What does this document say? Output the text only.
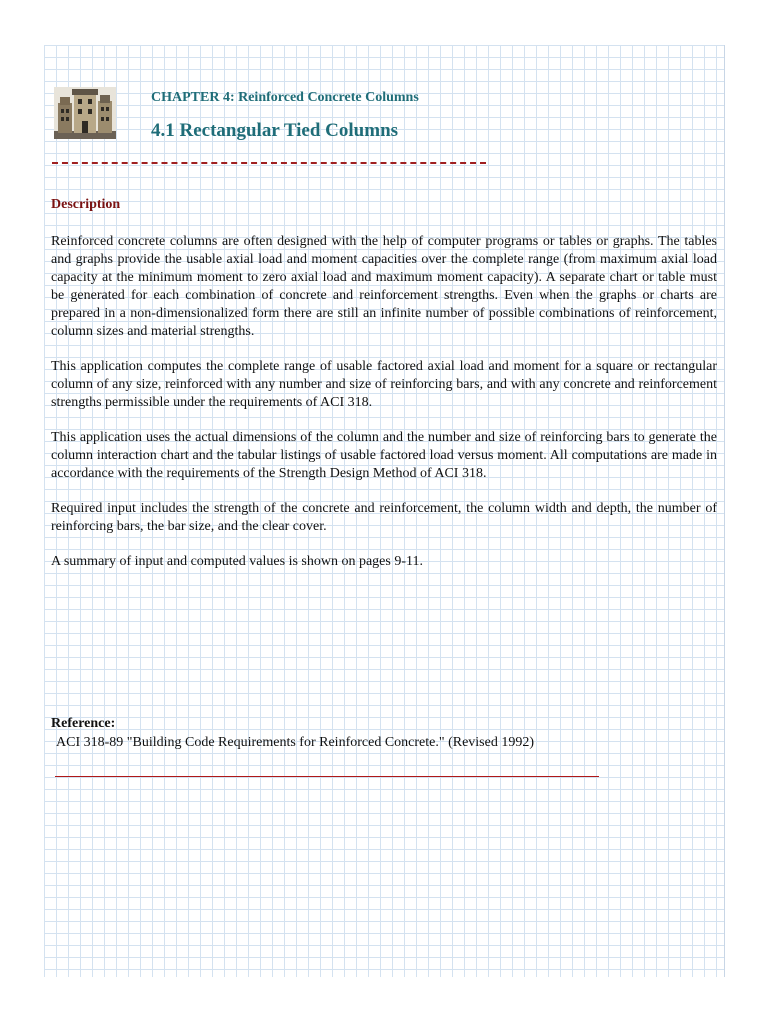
CHAPTER 4: Reinforced Concrete Columns
4.1 Rectangular Tied Columns
Description

Reinforced concrete columns are often designed with the help of computer programs or tables or graphs. The tables and graphs provide the usable axial load and moment capacities over the complete range (from maximum axial load capacity at the minimum moment to zero axial load and maximum moment capacity). A separate chart or table must be generated for each combination of concrete and reinforcement strengths. Even when the graphs or charts are prepared in a non-dimensionalized form there are still an infinite number of possible combinations of reinforcement, column sizes and material strengths.

This application computes the complete range of usable factored axial load and moment for a square or rectangular column of any size, reinforced with any number and size of reinforcing bars, and with any concrete and reinforcement strengths permissible under the requirements of ACI 318.

This application uses the actual dimensions of the column and the number and size of reinforcing bars to generate the column interaction chart and the tabular listings of usable factored load versus moment. All computations are made in accordance with the requirements of the Strength Design Method of ACI 318.

Required input includes the strength of the concrete and reinforcement, the column width and depth, the number of reinforcing bars, the bar size, and the clear cover.

A summary of input and computed values is shown on pages 9-11.

Reference:
ACI 318-89 "Building Code Requirements for Reinforced Concrete." (Revised 1992)
